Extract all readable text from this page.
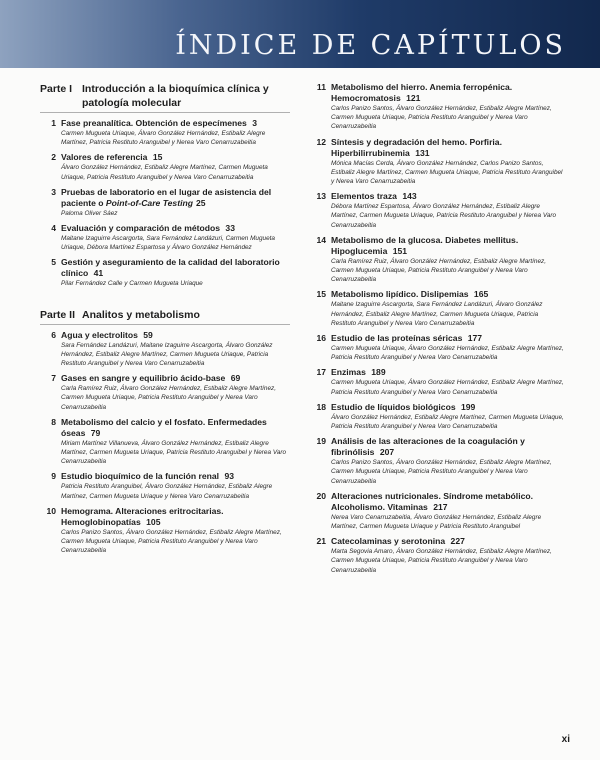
ÍNDICE DE CAPÍTULOS
Parte I Introducción a la bioquímica clínica y patología molecular
1 Fase preanalítica. Obtención de especímenes 3
Carmen Mugueta Uriaque, Álvaro González Hernández, Estibaliz Alegre Martínez, Patricia Restituto Aranguibel y Nerea Varo Cenarruzabeitia
2 Valores de referencia 15
Álvaro González Hernández, Estibaliz Alegre Martínez, Carmen Mugueta Uriaque, Patricia Restituto Aranguibel y Nerea Varo Cenarruzabeitia
3 Pruebas de laboratorio en el lugar de asistencia del paciente o Point-of-Care Testing 25
Paloma Oliver Sáez
4 Evaluación y comparación de métodos 33
Maitane Izaguirre Ascargorta, Sara Fernández Landázuri, Carmen Mugueta Uriaque, Débora Martínez Espartosa y Álvaro González Hernández
5 Gestión y aseguramiento de la calidad del laboratorio clínico 41
Pilar Fernández Calle y Carmen Mugueta Uriaque
Parte II Analitos y metabolismo
6 Agua y electrolitos 59
Sara Fernández Landázuri, Maitane Izaguirre Ascargorta, Álvaro González Hernández, Estibaliz Alegre Martínez, Carmen Mugueta Uriaque, Patricia Restituto Aranguibel y Nerea Varo Cenarruzabeitia
7 Gases en sangre y equilibrio ácido-base 69
Carla Ramírez Ruiz, Álvaro González Hernández, Estibaliz Alegre Martínez, Carmen Mugueta Uriaque, Patricia Restituto Aranguibel y Nerea Varo Cenarruzabeitia
8 Metabolismo del calcio y el fosfato. Enfermedades óseas 79
Miriam Martínez Villanueva, Álvaro González Hernández, Estibaliz Alegre Martínez, Carmen Mugueta Uriaque, Patricia Restituto Aranguibel y Nerea Varo Cenarruzabeitia
9 Estudio bioquímico de la función renal 93
Patricia Restituto Aranguibel, Álvaro González Hernández, Estibaliz Alegre Martínez, Carmen Mugueta Uriaque y Nerea Varo Cenarruzabeitia
10 Hemograma. Alteraciones eritrocitarias. Hemoglobinopatías 105
Carlos Panizo Santos, Álvaro González Hernández, Estibaliz Alegre Martínez, Carmen Mugueta Uriaque, Patricia Restituto Aranguibel y Nerea Varo Cenarruzabeitia
11 Metabolismo del hierro. Anemia ferropénica. Hemocromatosis 121
Carlos Panizo Santos, Álvaro González Hernández, Estibaliz Alegre Martínez, Carmen Mugueta Uriaque, Patricia Restituto Aranguibel y Nerea Varo Cenarruzabeitia
12 Síntesis y degradación del hemo. Porfiria. Hiperbilirrubinemia 131
Mónica Macías Cerda, Álvaro González Hernández, Carlos Panizo Santos, Estibaliz Alegre Martínez, Carmen Mugueta Uriaque, Patricia Restituto Aranguibel y Nerea Varo Cenarruzabeitia
13 Elementos traza 143
Débora Martínez Espartosa, Álvaro González Hernández, Estibaliz Alegre Martínez, Carmen Mugueta Uriaque, Patricia Restituto Aranguibel y Nerea Varo Cenarruzabeitia
14 Metabolismo de la glucosa. Diabetes mellitus. Hipoglucemia 151
Carla Ramírez Ruiz, Álvaro González Hernández, Estibaliz Alegre Martínez, Carmen Mugueta Uriaque, Patricia Restituto Aranguibel y Nerea Varo Cenarruzabeitia
15 Metabolismo lipídico. Dislipemias 165
Maitane Izaguirre Ascargorta, Sara Fernández Landázuri, Álvaro González Hernández, Estibaliz Alegre Martínez, Carmen Mugueta Uriaque, Patricia Restituto Aranguibel y Nerea Varo Cenarruzabeitia
16 Estudio de las proteínas séricas 177
Carmen Mugueta Uriaque, Álvaro González Hernández, Estibaliz Alegre Martínez, Patricia Restituto Aranguibel y Nerea Varo Cenarruzabeitia
17 Enzimas 189
Carmen Mugueta Uriaque, Álvaro González Hernández, Estibaliz Alegre Martínez, Patricia Restituto Aranguibel y Nerea Varo Cenarruzabeitia
18 Estudio de líquidos biológicos 199
Álvaro González Hernández, Estibaliz Alegre Martínez, Carmen Mugueta Uriaque, Patricia Restituto Aranguibel y Nerea Varo Cenarruzabeitia
19 Análisis de las alteraciones de la coagulación y fibrinólisis 207
Carlos Panizo Santos, Álvaro González Hernández, Estibaliz Alegre Martínez, Carmen Mugueta Uriaque, Patricia Restituto Aranguibel y Nerea Varo Cenarruzabeitia
20 Alteraciones nutricionales. Síndrome metabólico. Alcoholismo. Vitaminas 217
Nerea Varo Cenarruzabeitia, Álvaro González Hernández, Estibaliz Alegre Martínez, Carmen Mugueta Uriaque y Patricia Restituto Aranguibel
21 Catecolaminas y serotonina 227
Marta Segovia Amaro, Álvaro González Hernández, Estibaliz Alegre Martínez, Carmen Mugueta Uriaque, Patricia Restituto Aranguibel y Nerea Varo Cenarruzabeitia
xi
